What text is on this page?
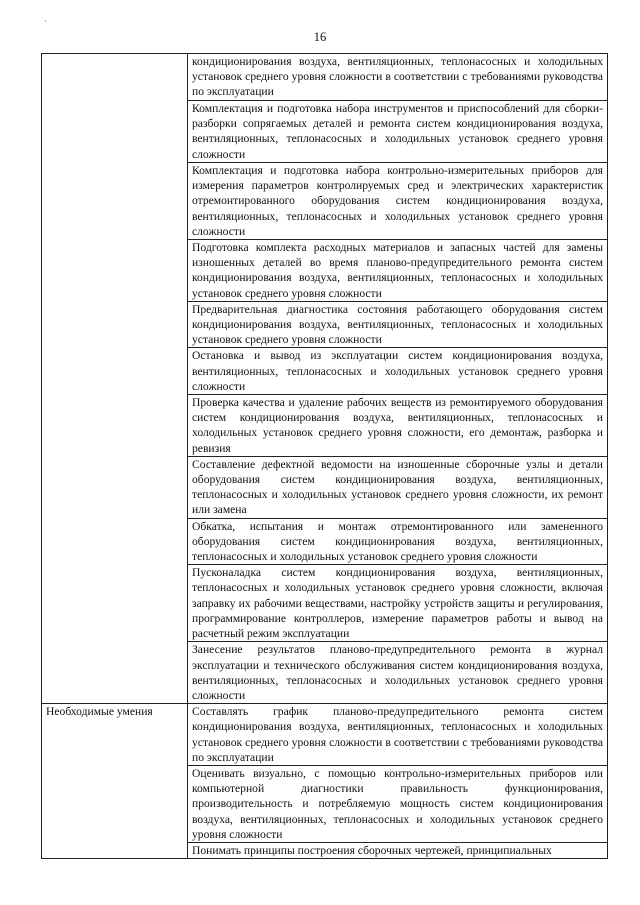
·
16

	кондиционирования воздуха, вентиляционных, теплонасосных и холодильных установок среднего уровня сложности в соответствии с требованиями руководства по эксплуатации

	Комплектация и подготовка набора инструментов и приспособлений для сборки-разборки сопрягаемых деталей и ремонта систем кондиционирования воздуха, вентиляционных, теплонасосных и холодильных установок среднего уровня сложности

	Комплектация и подготовка набора контрольно-измерительных приборов для измерения параметров контролируемых сред и электрических характеристик отремонтированного оборудования систем кондиционирования воздуха, вентиляционных, теплонасосных и холодильных установок среднего уровня сложности

	Подготовка комплекта расходных материалов и запасных частей для замены изношенных деталей во время планово-предупредительного ремонта систем кондиционирования воздуха, вентиляционных, теплонасосных и холодильных установок среднего уровня сложности

	Предварительная диагностика состояния работающего оборудования систем кондиционирования воздуха, вентиляционных, теплонасосных и холодильных установок среднего уровня сложности

	Остановка и вывод из эксплуатации систем кондиционирования воздуха, вентиляционных, теплонасосных и холодильных установок среднего уровня сложности

	Проверка качества и удаление рабочих веществ из ремонтируемого оборудования систем кондиционирования воздуха, вентиляционных, теплонасосных и холодильных установок среднего уровня сложности, его демонтаж, разборка и ревизия

	Составление дефектной ведомости на изношенные сборочные узлы и детали оборудования систем кондиционирования воздуха, вентиляционных, теплонасосных и холодильных установок среднего уровня сложности, их ремонт или замена

	Обкатка, испытания и монтаж отремонтированного или замененного оборудования систем кондиционирования воздуха, вентиляционных, теплонасосных и холодильных установок среднего уровня сложности

	Пусконаладка систем кондиционирования воздуха, вентиляционных, теплонасосных и холодильных установок среднего уровня сложности, включая заправку их рабочими веществами, настройку устройств защиты и регулирования, программирование контроллеров, измерение параметров работы и вывод на расчетный режим эксплуатации

	Занесение результатов планово-предупредительного ремонта в журнал эксплуатации и технического обслуживания систем кондиционирования воздуха, вентиляционных, теплонасосных и холодильных установок среднего уровня сложности

Необходимые умения	Составлять график планово-предупредительного ремонта систем кондиционирования воздуха, вентиляционных, теплонасосных и холодильных установок среднего уровня сложности в соответствии с требованиями руководства по эксплуатации

	Оценивать визуально, с помощью контрольно-измерительных приборов или компьютерной диагностики правильность функционирования, производительность и потребляемую мощность систем кондиционирования воздуха, вентиляционных, теплонасосных и холодильных установок среднего уровня сложности

	Понимать принципы построения сборочных чертежей, принципиальных
